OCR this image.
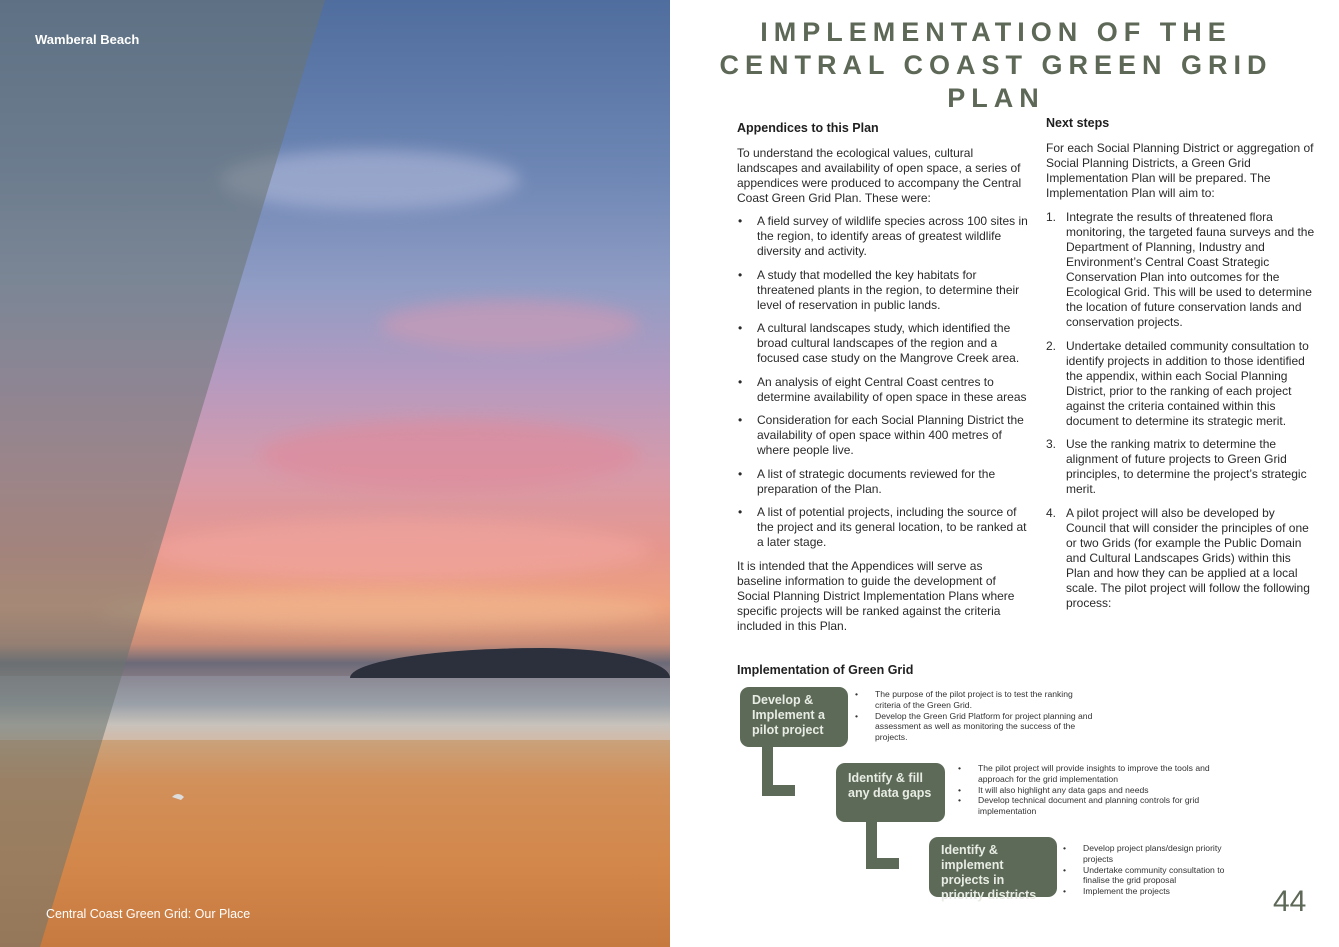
Wamberal Beach
Central Coast Green Grid: Our Place
IMPLEMENTATION OF THE
CENTRAL COAST GREEN GRID
PLAN
Appendices to this Plan
To understand the ecological values, cultural landscapes and availability of open space, a series of appendices were produced to accompany the Central Coast Green Grid Plan. These were:
• A field survey of wildlife species across 100 sites in the region, to identify areas of greatest wildlife diversity and activity.
• A study that modelled the key habitats for threatened plants in the region, to determine their level of reservation in public lands.
• A cultural landscapes study, which identified the broad cultural landscapes of the region and a focused case study on the Mangrove Creek area.
• An analysis of eight Central Coast centres to determine availability of open space in these areas
• Consideration for each Social Planning District the availability of open space within 400 metres of where people live.
• A list of strategic documents reviewed for the preparation of the Plan.
• A list of potential projects, including the source of the project and its general location, to be ranked at a later stage.
It is intended that the Appendices will serve as baseline information to guide the development of Social Planning District Implementation Plans where specific projects will be ranked against the criteria included in this Plan.
Next steps
For each Social Planning District or aggregation of Social Planning Districts, a Green Grid Implementation Plan will be prepared. The Implementation Plan will aim to:
1. Integrate the results of threatened flora monitoring, the targeted fauna surveys and the Department of Planning, Industry and Environment’s Central Coast Strategic Conservation Plan into outcomes for the Ecological Grid. This will be used to determine the location of future conservation lands and conservation projects.
2. Undertake detailed community consultation to identify projects in addition to those identified the appendix, within each Social Planning District, prior to the ranking of each project against the criteria contained within this document to determine its strategic merit.
3. Use the ranking matrix to determine the alignment of future projects to Green Grid principles, to determine the project’s strategic merit.
4. A pilot project will also be developed by Council that will consider the principles of one or two Grids (for example the Public Domain and Cultural Landscapes Grids) within this Plan and how they can be applied at a local scale. The pilot project will follow the following process:
Implementation of Green Grid
Develop & Implement a pilot project
• The purpose of the pilot project is to test the ranking criteria of the Green Grid.
• Develop the Green Grid Platform for project planning and assessment as well as monitoring the success of the projects.
Identify & fill any data gaps
• The pilot project will provide insights to improve the tools and approach for the grid implementation
• It will also highlight any data gaps and needs
• Develop technical document and planning controls for grid implementation
Identify & implement projects in priority districts
• Develop project plans/design priority projects
• Undertake community consultation to finalise the grid proposal
• Implement the projects	44
